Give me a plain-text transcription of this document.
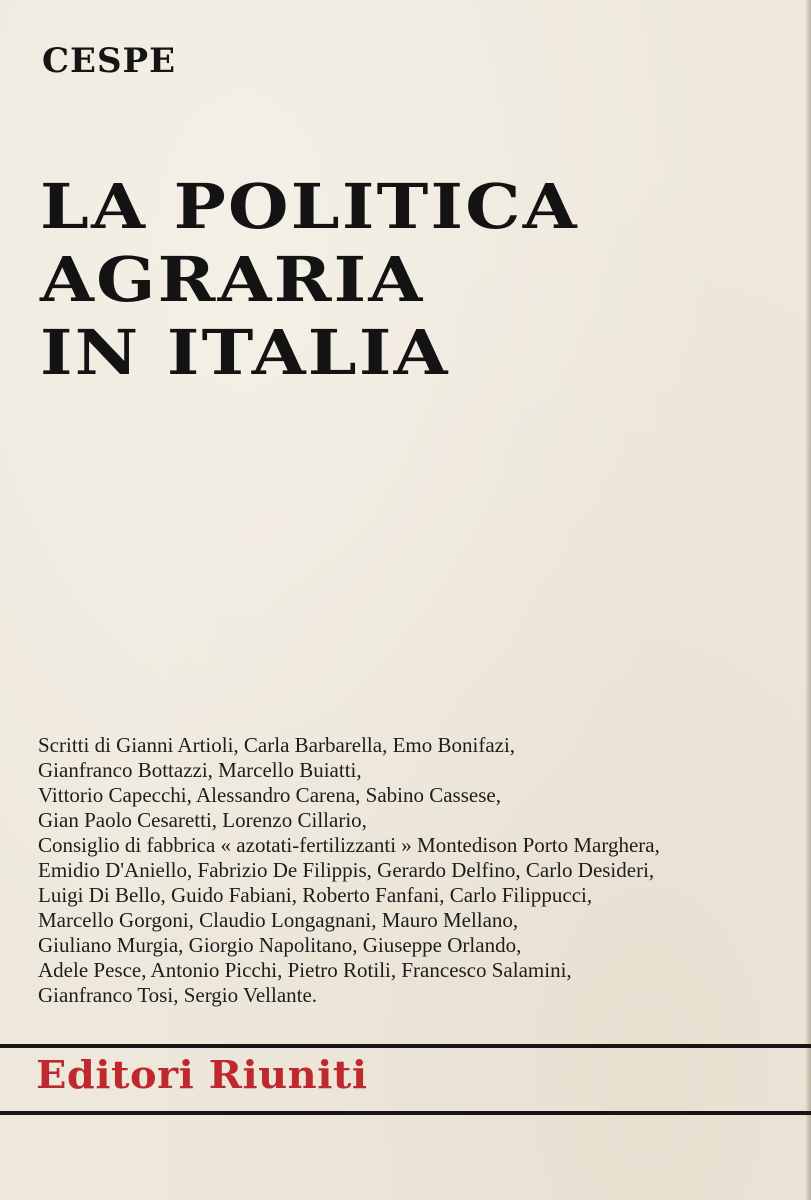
CESPE
LA POLITICA
AGRARIA
IN ITALIA

Scritti di Gianni Artioli, Carla Barbarella, Emo Bonifazi,
Gianfranco Bottazzi, Marcello Buiatti,
Vittorio Capecchi, Alessandro Carena, Sabino Cassese,
Gian Paolo Cesaretti, Lorenzo Cillario,
Consiglio di fabbrica « azotati-fertilizzanti » Montedison Porto Marghera,
Emidio D'Aniello, Fabrizio De Filippis, Gerardo Delfino, Carlo Desideri,
Luigi Di Bello, Guido Fabiani, Roberto Fanfani, Carlo Filippucci,
Marcello Gorgoni, Claudio Longagnani, Mauro Mellano,
Giuliano Murgia, Giorgio Napolitano, Giuseppe Orlando,
Adele Pesce, Antonio Picchi, Pietro Rotili, Francesco Salamini,
Gianfranco Tosi, Sergio Vellante.

Editori Riuniti
